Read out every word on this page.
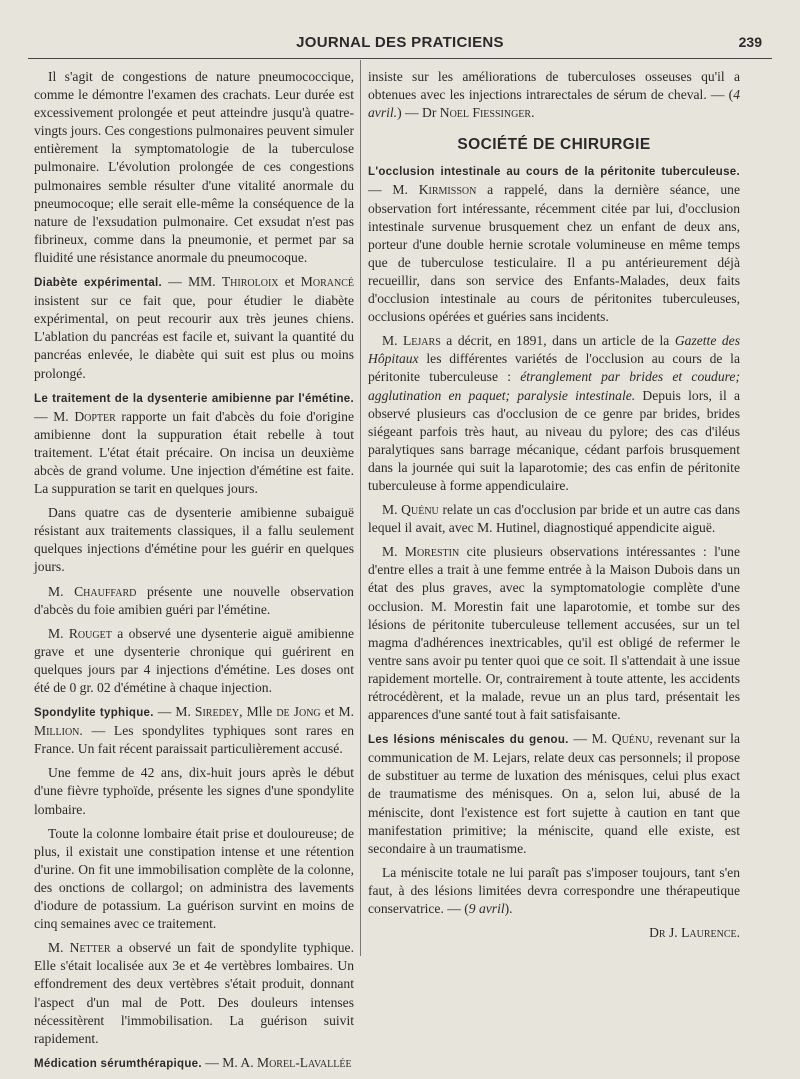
JOURNAL DES PRATICIENS	239

Il s'agit de congestions de nature pneumococcique, comme le démontre l'examen des crachats. Leur durée est excessivement prolongée et peut atteindre jusqu'à quatre-vingts jours. Ces congestions pulmonaires peuvent simuler entièrement la symptomatologie de la tuberculose pulmonaire. L'évolution prolongée de ces congestions pulmonaires semble résulter d'une vitalité anormale du pneumocoque; elle serait elle-même la conséquence de la nature de l'exsudation pulmonaire. Cet exsudat n'est pas fibrineux, comme dans la pneumonie, et permet par sa fluidité une résistance anormale du pneumocoque.

Diabète expérimental. — MM. Thiroloix et Morancé insistent sur ce fait que, pour étudier le diabète expérimental, on peut recourir aux très jeunes chiens. L'ablation du pancréas est facile et, suivant la quantité du pancréas enlevée, le diabète qui suit est plus ou moins prolongé.

Le traitement de la dysenterie amibienne par l'émétine. — M. Dopter rapporte un fait d'abcès du foie d'origine amibienne dont la suppuration était rebelle à tout traitement. L'état était précaire. On incisa un deuxième abcès de grand volume. Une injection d'émétine est faite. La suppuration se tarit en quelques jours.

Dans quatre cas de dysenterie amibienne subaiguë résistant aux traitements classiques, il a fallu seulement quelques injections d'émétine pour les guérir en quelques jours.

M. Chauffard présente une nouvelle observation d'abcès du foie amibien guéri par l'émétine.

M. Rouget a observé une dysenterie aiguë amibienne grave et une dysenterie chronique qui guérirent en quelques jours par 4 injections d'émétine. Les doses ont été de 0 gr. 02 d'émétine à chaque injection.

Spondylite typhique. — M. Siredey, Mlle de Jong et M. Million. — Les spondylites typhiques sont rares en France. Un fait récent paraissait particulièrement accusé.

Une femme de 42 ans, dix-huit jours après le début d'une fièvre typhoïde, présente les signes d'une spondylite lombaire.

Toute la colonne lombaire était prise et douloureuse; de plus, il existait une constipation intense et une rétention d'urine. On fit une immobilisation complète de la colonne, des onctions de collargol; on administra des lavements d'iodure de potassium. La guérison survint en moins de cinq semaines avec ce traitement.

M. Netter a observé un fait de spondylite typhique. Elle s'était localisée aux 3e et 4e vertèbres lombaires. Un effondrement des deux vertèbres s'était produit, donnant l'aspect d'un mal de Pott. Des douleurs intenses nécessitèrent l'immobilisation. La guérison suivit rapidement.

Médication sérumthérapique. — M. A. Morel-Lavallée

insiste sur les améliorations de tuberculoses osseuses qu'il a obtenues avec les injections intrarectales de sérum de cheval. — (4 avril.) — Dr Noel Fiessinger.

SOCIÉTÉ DE CHIRURGIE

L'occlusion intestinale au cours de la péritonite tuberculeuse. — M. Kirmisson a rappelé, dans la dernière séance, une observation fort intéressante, récemment citée par lui, d'occlusion intestinale survenue brusquement chez un enfant de deux ans, porteur d'une double hernie scrotale volumineuse en même temps que de tuberculose testiculaire. Il a pu antérieurement déjà recueillir, dans son service des Enfants-Malades, deux faits d'occlusion intestinale au cours de péritonites tuberculeuses, occlusions opérées et guéries sans incidents.

M. Lejars a décrit, en 1891, dans un article de la Gazette des Hôpitaux les différentes variétés de l'occlusion au cours de la péritonite tuberculeuse : étranglement par brides et coudure; agglutination en paquet; paralysie intestinale. Depuis lors, il a observé plusieurs cas d'occlusion de ce genre par brides, brides siégeant parfois très haut, au niveau du pylore; des cas d'iléus paralytiques sans barrage mécanique, cédant parfois brusquement dans la journée qui suit la laparotomie; des cas enfin de péritonite tuberculeuse à forme appendiculaire.

M. Quénu relate un cas d'occlusion par bride et un autre cas dans lequel il avait, avec M. Hutinel, diagnostiqué appendicite aiguë.

M. Morestin cite plusieurs observations intéressantes : l'une d'entre elles a trait à une femme entrée à la Maison Dubois dans un état des plus graves, avec la symptomatologie complète d'une occlusion. M. Morestin fait une laparotomie, et tombe sur des lésions de péritonite tuberculeuse tellement accusées, sur un tel magma d'adhérences inextricables, qu'il est obligé de refermer le ventre sans avoir pu tenter quoi que ce soit. Il s'attendait à une issue rapidement mortelle. Or, contrairement à toute attente, les accidents rétrocédèrent, et la malade, revue un an plus tard, présentait les apparences d'une santé tout à fait satisfaisante.

Les lésions méniscales du genou. — M. Quénu, revenant sur la communication de M. Lejars, relate deux cas personnels; il propose de substituer au terme de luxation des ménisques, celui plus exact de traumatisme des ménisques. On a, selon lui, abusé de la méniscite, dont l'existence est fort sujette à caution en tant que manifestation primitive; la méniscite, quand elle existe, est secondaire à un traumatisme.

La méniscite totale ne lui paraît pas s'imposer toujours, tant s'en faut, à des lésions limitées devra correspondre une thérapeutique conservatrice. — (9 avril).

Dr J. Laurence.
